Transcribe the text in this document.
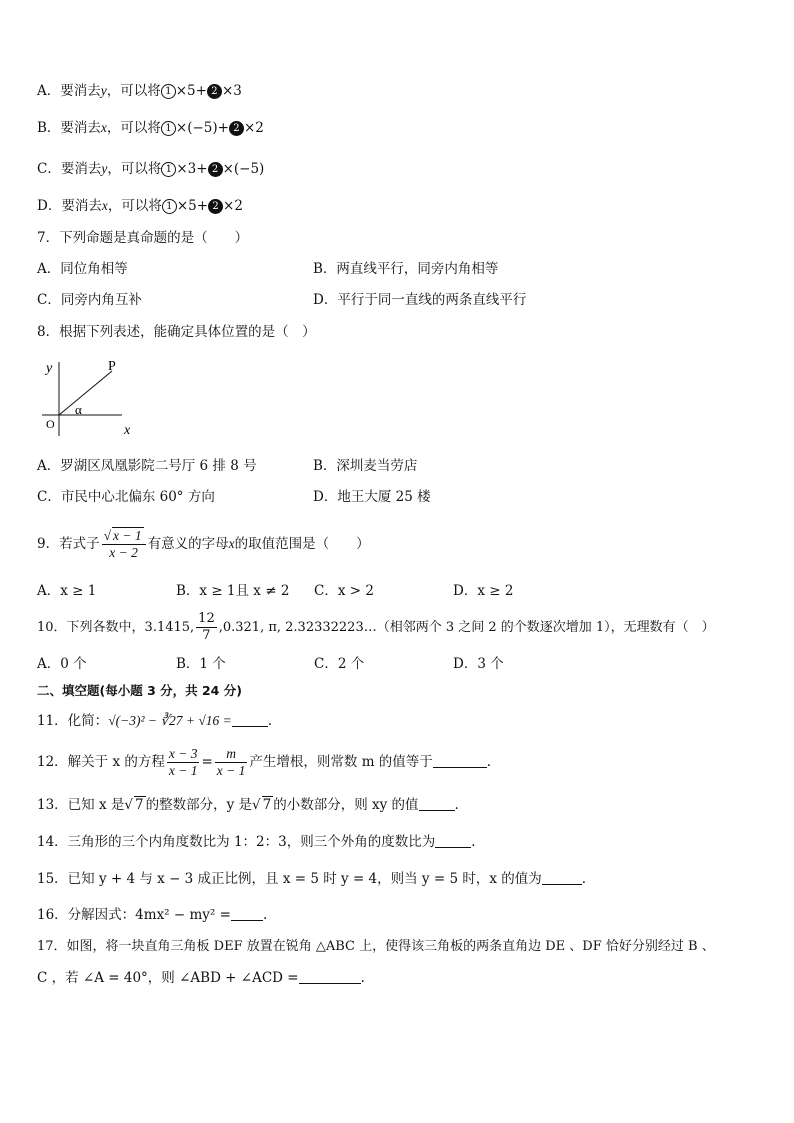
A．要消去y，可以将 1 ×5+ 2 ×3
B．要消去x，可以将 1 ×(−5)+ 2 ×2
C．要消去y，可以将 1 ×3+ 2 ×(−5)
D．要消去x，可以将 1 ×5+ 2 ×2
7．下列命题是真命题的是（　　）
A．同位角相等	B．两直线平行，同旁内角相等
C．同旁内角互补	D．平行于同一直线的两条直线平行
8．根据下列表述，能确定具体位置的是（　）
y
x
O
P
α
A．罗湖区凤凰影院二号厅 6 排 8 号	B．深圳麦当劳店
C．市民中心北偏东 60° 方向	D．地王大厦 25 楼
9．若式子 $\frac{√ x - 1}{x - 2}$ 有意义的字母x的取值范围是（　　）
A．x ≥ 1	B．x ≥ 1且 x ≠ 2 C．x > 2	D．x ≥ 2
10．下列各数中，3.1415, $\frac{12}{7} ,0.321$, π, 2.32332223…（相邻两个 3 之间 2 的个数逐次增加 1），无理数有（　）
A．0 个	B．1 个	C．2 个	D．3 个
二、填空题(每小题 3 分，共 24 分)
11．化简：√(−3)² − ∛27 + √16 =	.
12．解关于 x 的方程 $\frac{x - 3}{x - 1} = \frac{m}{x - 1}$ 产生增根，则常数 m 的值等于	.
13．已知 x 是√ 7 的整数部分，y 是√ 7 的小数部分，则 xy 的值	.
14．三角形的三个内角度数比为 1：2：3，则三个外角的度数比为	.
15．已知 y + 4 与 x − 3 成正比例，且 x = 5 时 y = 4，则当 y = 5 时，x 的值为	.
16．分解因式：4mx² − my² = .
17．如图，将一块直角三角板 DEF 放置在锐角 △ABC 上，使得该三角板的两条直角边 DE 、DF 恰好分别经过 B 、
C ，若 ∠A = 40°，则 ∠ABD + ∠ACD =	.
